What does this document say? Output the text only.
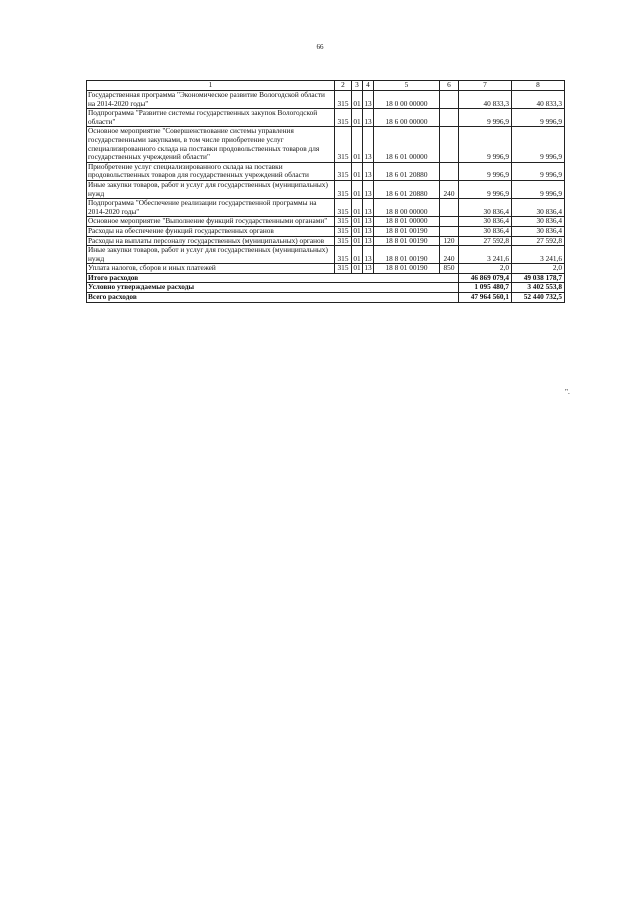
66
1	2	3	4	5	6	7	8
Государственная программа "Экономическое развитие Вологодской области на 2014-2020 годы"	315	01	13	18 0 00 00000		40 833,3	40 833,3
Подпрограмма "Развитие системы государственных закупок Вологодской области"	315	01	13	18 6 00 00000		9 996,9	9 996,9
Основное мероприятие "Совершенствование системы управления государственными закупками, в том числе приобретение услуг специализированного склада на поставки продовольственных товаров для государственных учреждений области"	315	01	13	18 6 01 00000		9 996,9	9 996,9
Приобретение услуг специализированного склада на поставки продовольственных товаров для государственных учреждений области	315	01	13	18 6 01 20880		9 996,9	9 996,9
Иные закупки товаров, работ и услуг для государственных (муниципальных) нужд	315	01	13	18 6 01 20880	240	9 996,9	9 996,9
Подпрограмма "Обеспечение реализации государственной программы на 2014-2020 годы"	315	01	13	18 8 00 00000		30 836,4	30 836,4
Основное мероприятие "Выполнение функций государственными органами"	315	01	13	18 8 01 00000		30 836,4	30 836,4
Расходы на обеспечение функций государственных органов	315	01	13	18 8 01 00190		30 836,4	30 836,4
Расходы на выплаты персоналу государственных (муниципальных) органов	315	01	13	18 8 01 00190	120	27 592,8	27 592,8
Иные закупки товаров, работ и услуг для государственных (муниципальных) нужд	315	01	13	18 8 01 00190	240	3 241,6	3 241,6
Уплата налогов, сборов и иных платежей	315	01	13	18 8 01 00190	850	2,0	2,0
Итого расходов						46 869 079,4	49 038 178,7
Условно утверждаемые расходы						1 095 480,7	3 402 553,8
Всего расходов						47 964 560,1	52 440 732,5
".
